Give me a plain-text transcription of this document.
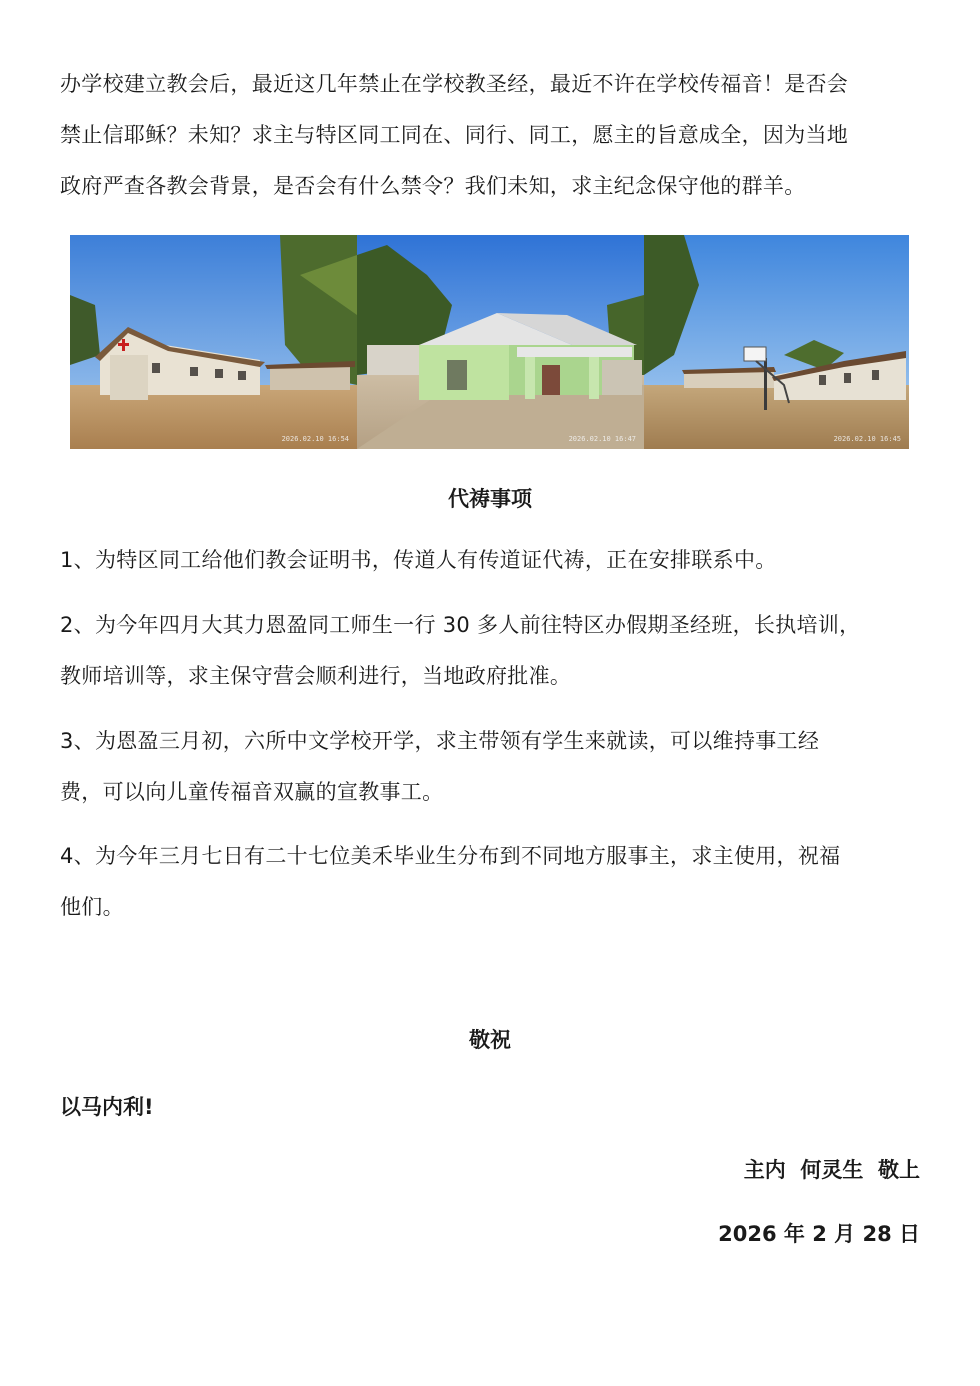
办学校建立教会后，最近这几年禁止在学校教圣经，最近不许在学校传福音！是否会
禁止信耶稣？未知？求主与特区同工同在、同行、同工，愿主的旨意成全，因为当地
政府严查各教会背景，是否会有什么禁令？我们未知，求主纪念保守他的群羊。
2026.02.10 16:54	2026.02.10 16:47	2026.02.10 16:45
代祷事项
1、为特区同工给他们教会证明书，传道人有传道证代祷，正在安排联系中。
2、为今年四月大其力恩盈同工师生一行 30 多人前往特区办假期圣经班，长执培训，
教师培训等，求主保守营会顺利进行，当地政府批准。
3、为恩盈三月初，六所中文学校开学，求主带领有学生来就读，可以维持事工经
费，可以向儿童传福音双赢的宣教事工。
4、为今年三月七日有二十七位美禾毕业生分布到不同地方服事主，求主使用，祝福
他们。
敬祝
以马内利!
主内  何灵生  敬上
2026 年 2 月 28 日
